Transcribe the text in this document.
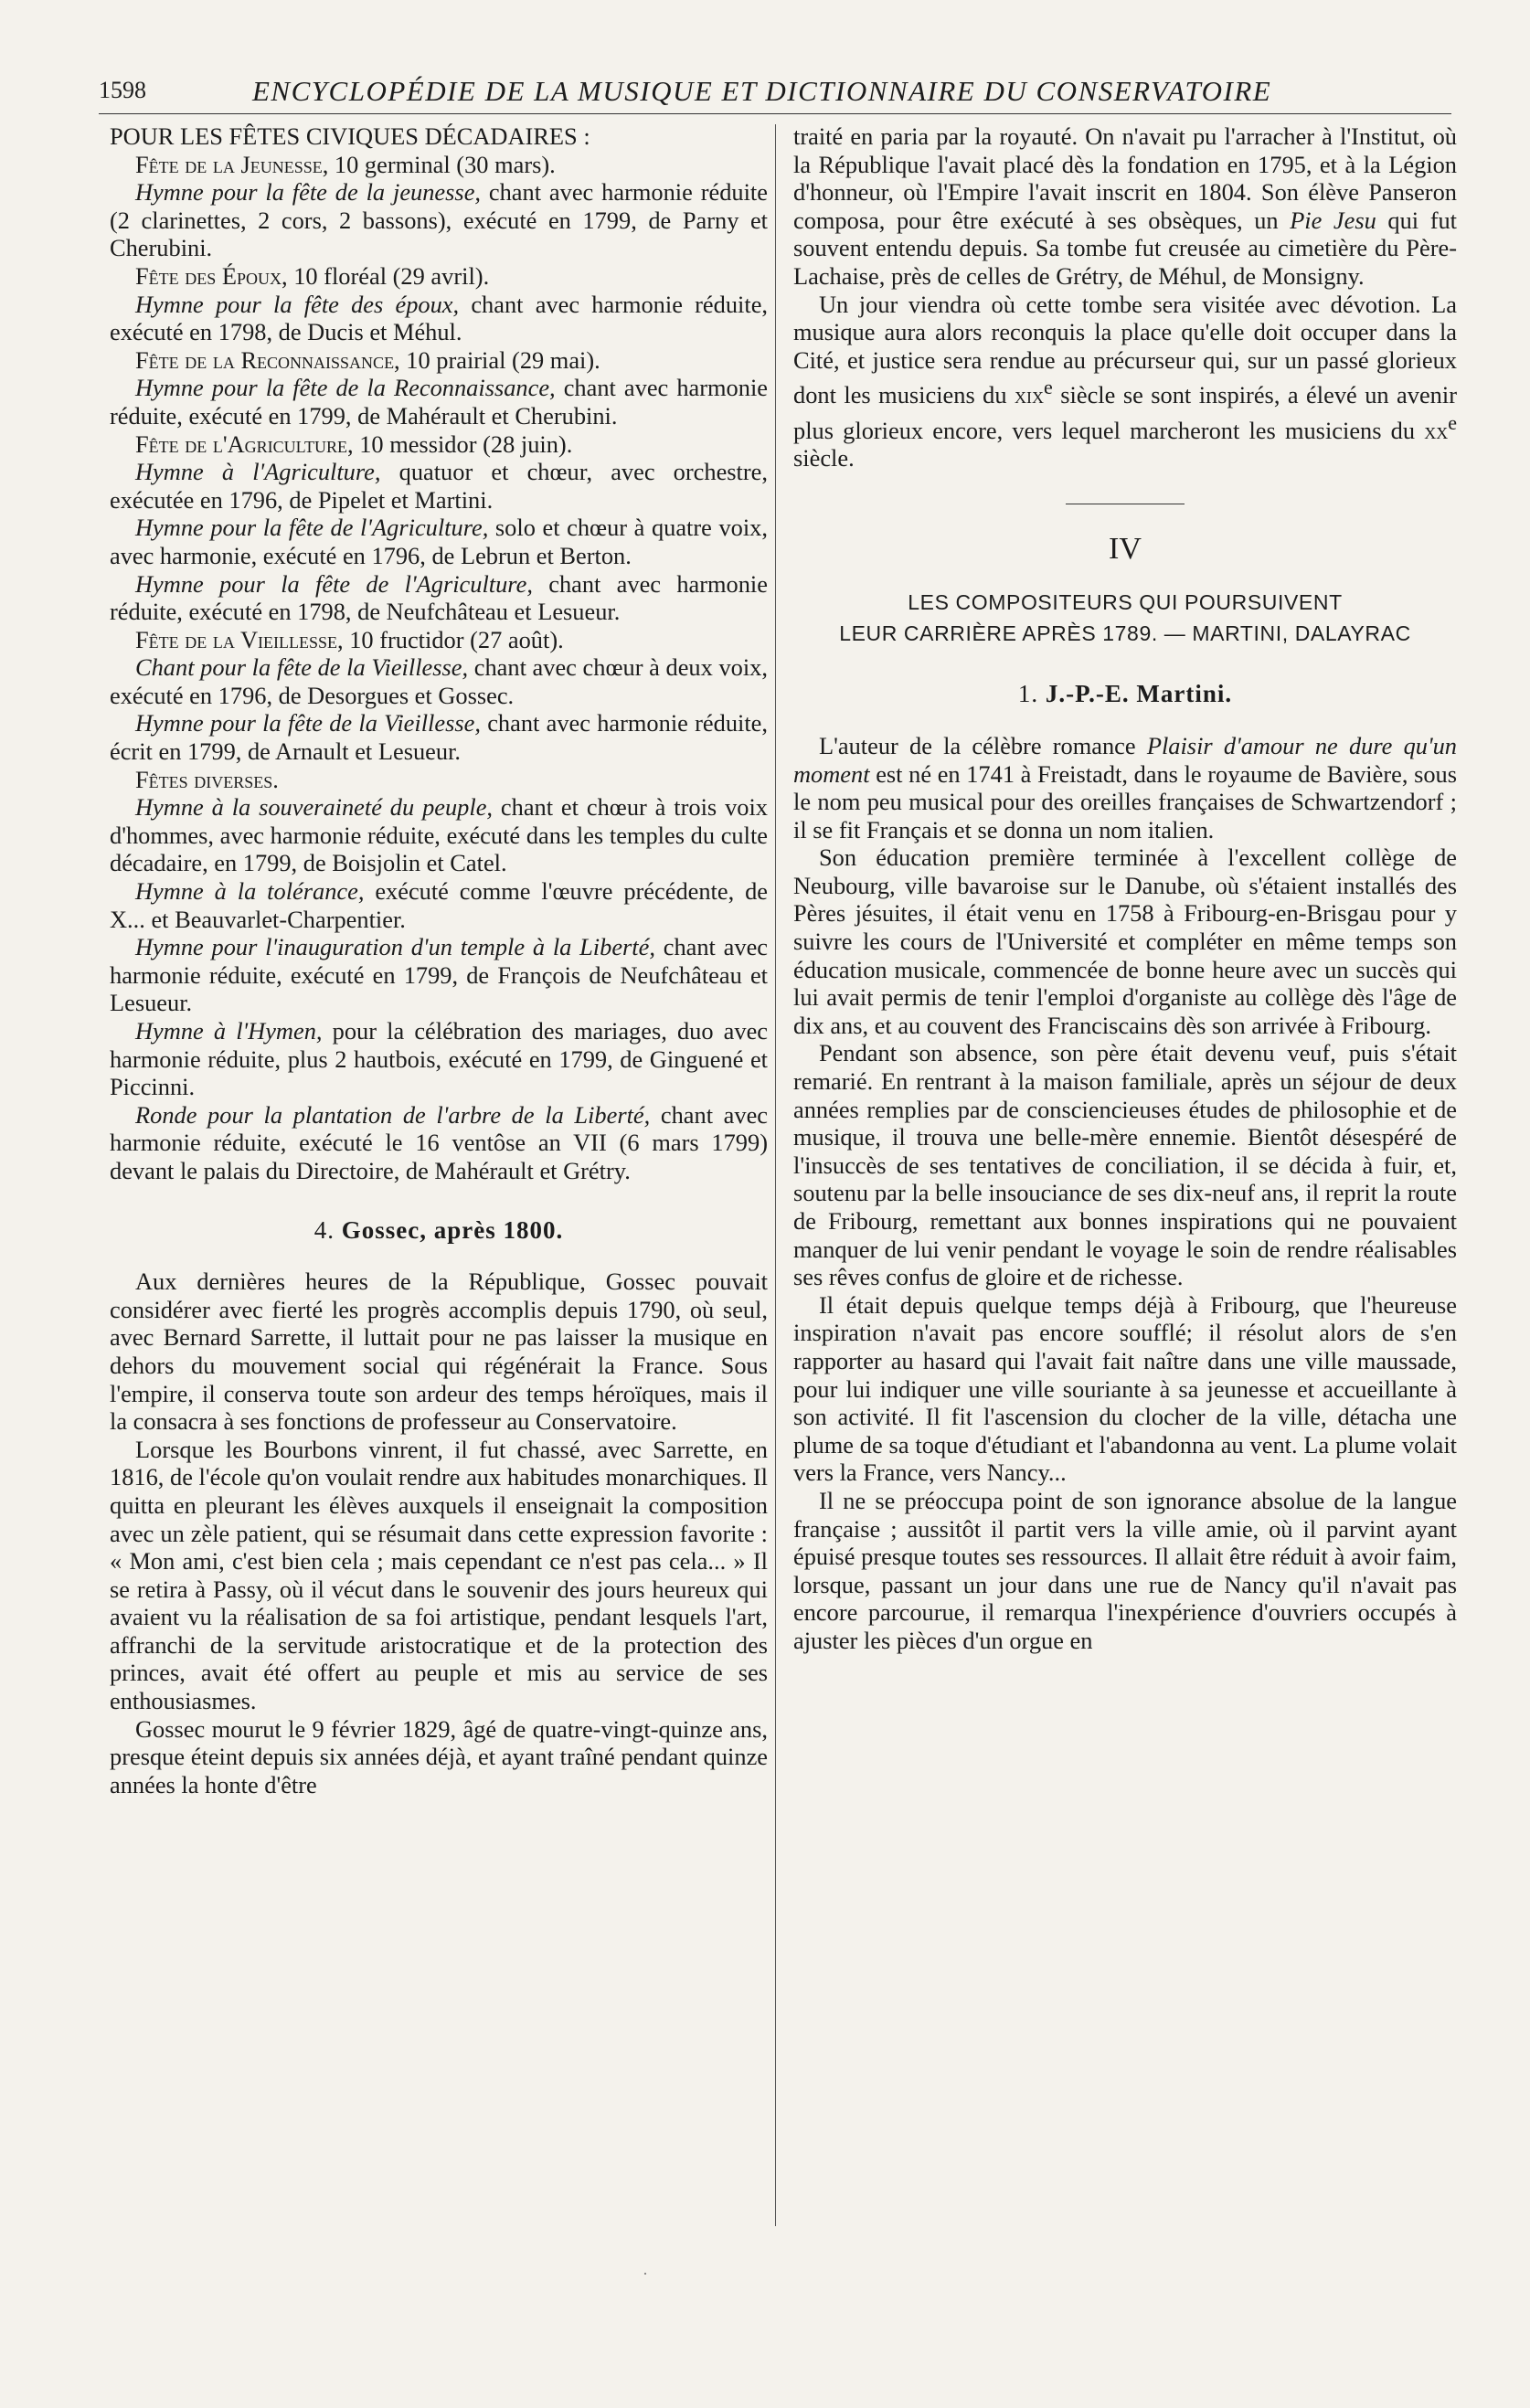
1598	ENCYCLOPÉDIE DE LA MUSIQUE ET DICTIONNAIRE DU CONSERVATOIRE

POUR LES FÊTES CIVIQUES DÉCADAIRES :

Fête de la Jeunesse, 10 germinal (30 mars).

Hymne pour la fête de la jeunesse, chant avec harmonie réduite (2 clarinettes, 2 cors, 2 bassons), exécuté en 1799, de Parny et Cherubini.

Fête des Époux, 10 floréal (29 avril).

Hymne pour la fête des époux, chant avec harmonie réduite, exécuté en 1798, de Ducis et Méhul.

Fête de la Reconnaissance, 10 prairial (29 mai).

Hymne pour la fête de la Reconnaissance, chant avec harmonie réduite, exécuté en 1799, de Mahérault et Cherubini.

Fête de l'Agriculture, 10 messidor (28 juin).

Hymne à l'Agriculture, quatuor et chœur, avec orchestre, exécutée en 1796, de Pipelet et Martini.

Hymne pour la fête de l'Agriculture, solo et chœur à quatre voix, avec harmonie, exécuté en 1796, de Lebrun et Berton.

Hymne pour la fête de l'Agriculture, chant avec harmonie réduite, exécuté en 1798, de Neufchâteau et Lesueur.

Fête de la Vieillesse, 10 fructidor (27 août).

Chant pour la fête de la Vieillesse, chant avec chœur à deux voix, exécuté en 1796, de Desorgues et Gossec.

Hymne pour la fête de la Vieillesse, chant avec harmonie réduite, écrit en 1799, de Arnault et Lesueur.

Fêtes diverses.

Hymne à la souveraineté du peuple, chant et chœur à trois voix d'hommes, avec harmonie réduite, exécuté dans les temples du culte décadaire, en 1799, de Boisjolin et Catel.

Hymne à la tolérance, exécuté comme l'œuvre précédente, de X... et Beauvarlet-Charpentier.

Hymne pour l'inauguration d'un temple à la Liberté, chant avec harmonie réduite, exécuté en 1799, de François de Neufchâteau et Lesueur.

Hymne à l'Hymen, pour la célébration des mariages, duo avec harmonie réduite, plus 2 hautbois, exécuté en 1799, de Ginguené et Piccinni.

Ronde pour la plantation de l'arbre de la Liberté, chant avec harmonie réduite, exécuté le 16 ventôse an VII (6 mars 1799) devant le palais du Directoire, de Mahérault et Grétry.

4. Gossec, après 1800.

Aux dernières heures de la République, Gossec pouvait considérer avec fierté les progrès accomplis depuis 1790, où seul, avec Bernard Sarrette, il luttait pour ne pas laisser la musique en dehors du mouvement social qui régénérait la France. Sous l'empire, il conserva toute son ardeur des temps héroïques, mais il la consacra à ses fonctions de professeur au Conservatoire.

Lorsque les Bourbons vinrent, il fut chassé, avec Sarrette, en 1816, de l'école qu'on voulait rendre aux habitudes monarchiques. Il quitta en pleurant les élèves auxquels il enseignait la composition avec un zèle patient, qui se résumait dans cette expression favorite : « Mon ami, c'est bien cela ; mais cependant ce n'est pas cela... » Il se retira à Passy, où il vécut dans le souvenir des jours heureux qui avaient vu la réalisation de sa foi artistique, pendant lesquels l'art, affranchi de la servitude aristocratique et de la protection des princes, avait été offert au peuple et mis au service de ses enthousiasmes.

Gossec mourut le 9 février 1829, âgé de quatre-vingt-quinze ans, presque éteint depuis six années déjà, et ayant traîné pendant quinze années la honte d'être

traité en paria par la royauté. On n'avait pu l'arracher à l'Institut, où la République l'avait placé dès la fondation en 1795, et à la Légion d'honneur, où l'Empire l'avait inscrit en 1804. Son élève Panseron composa, pour être exécuté à ses obsèques, un Pie Jesu qui fut souvent entendu depuis. Sa tombe fut creusée au cimetière du Père-Lachaise, près de celles de Grétry, de Méhul, de Monsigny.

Un jour viendra où cette tombe sera visitée avec dévotion. La musique aura alors reconquis la place qu'elle doit occuper dans la Cité, et justice sera rendue au précurseur qui, sur un passé glorieux dont les musiciens du xix$^e$ siècle se sont inspirés, a élevé un avenir plus glorieux encore, vers lequel marcheront les musiciens du $xx^e$ siècle.

IV
LES COMPOSITEURS QUI POURSUIVENT
LEUR CARRIÈRE APRÈS 1789. — MARTINI, DALAYRAC
1. J.-P.-E. Martini.

L'auteur de la célèbre romance Plaisir d'amour ne dure qu'un moment est né en 1741 à Freistadt, dans le royaume de Bavière, sous le nom peu musical pour des oreilles françaises de Schwartzendorf ; il se fit Français et se donna un nom italien.

Son éducation première terminée à l'excellent collège de Neubourg, ville bavaroise sur le Danube, où s'étaient installés des Pères jésuites, il était venu en 1758 à Fribourg-en-Brisgau pour y suivre les cours de l'Université et compléter en même temps son éducation musicale, commencée de bonne heure avec un succès qui lui avait permis de tenir l'emploi d'organiste au collège dès l'âge de dix ans, et au couvent des Franciscains dès son arrivée à Fribourg.

Pendant son absence, son père était devenu veuf, puis s'était remarié. En rentrant à la maison familiale, après un séjour de deux années remplies par de consciencieuses études de philosophie et de musique, il trouva une belle-mère ennemie. Bientôt désespéré de l'insuccès de ses tentatives de conciliation, il se décida à fuir, et, soutenu par la belle insouciance de ses dix-neuf ans, il reprit la route de Fribourg, remettant aux bonnes inspirations qui ne pouvaient manquer de lui venir pendant le voyage le soin de rendre réalisables ses rêves confus de gloire et de richesse.

Il était depuis quelque temps déjà à Fribourg, que l'heureuse inspiration n'avait pas encore soufflé; il résolut alors de s'en rapporter au hasard qui l'avait fait naître dans une ville maussade, pour lui indiquer une ville souriante à sa jeunesse et accueillante à son activité. Il fit l'ascension du clocher de la ville, détacha une plume de sa toque d'étudiant et l'abandonna au vent. La plume volait vers la France, vers Nancy...

Il ne se préoccupa point de son ignorance absolue de la langue française ; aussitôt il partit vers la ville amie, où il parvint ayant épuisé presque toutes ses ressources. Il allait être réduit à avoir faim, lorsque, passant un jour dans une rue de Nancy qu'il n'avait pas encore parcourue, il remarqua l'inexpérience d'ouvriers occupés à ajuster les pièces d'un orgue en

·
